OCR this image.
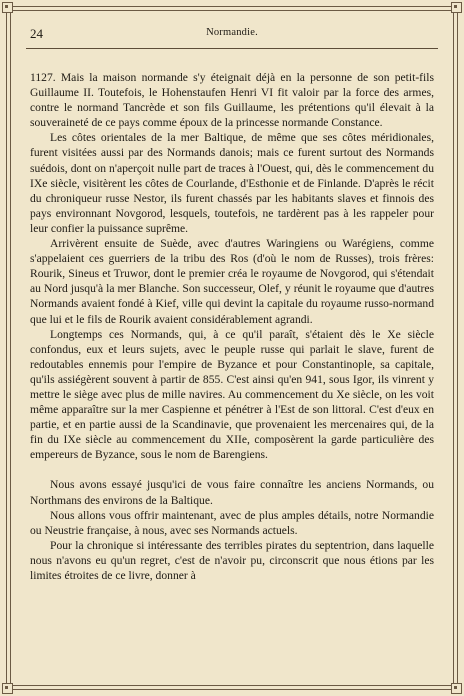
24	Normandie.

1127. Mais la maison normande s'y éteignait déjà en la personne de son petit-fils Guillaume II. Toutefois, le Hohenstaufen Henri VI fit valoir par la force des armes, contre le normand Tancrède et son fils Guillaume, les prétentions qu'il élevait à la souveraineté de ce pays comme époux de la princesse normande Constance.

Les côtes orientales de la mer Baltique, de même que ses côtes méridionales, furent visitées aussi par des Normands danois; mais ce furent surtout des Normands suédois, dont on n'aperçoit nulle part de traces à l'Ouest, qui, dès le commencement du IXe siècle, visitèrent les côtes de Courlande, d'Esthonie et de Finlande. D'après le récit du chroniqueur russe Nestor, ils furent chassés par les habitants slaves et finnois des pays environnant Novgorod, lesquels, toutefois, ne tardèrent pas à les rappeler pour leur confier la puissance suprême.

Arrivèrent ensuite de Suède, avec d'autres Waringiens ou Warégiens, comme s'appelaient ces guerriers de la tribu des Ros (d'où le nom de Russes), trois frères: Rourik, Sineus et Truwor, dont le premier créa le royaume de Novgorod, qui s'étendait au Nord jusqu'à la mer Blanche. Son successeur, Olef, y réunit le royaume que d'autres Normands avaient fondé à Kief, ville qui devint la capitale du royaume russo-normand que lui et le fils de Rourik avaient considérablement agrandi.

Longtemps ces Normands, qui, à ce qu'il paraît, s'étaient dès le Xe siècle confondus, eux et leurs sujets, avec le peuple russe qui parlait le slave, furent de redoutables ennemis pour l'empire de Byzance et pour Constantinople, sa capitale, qu'ils assiégèrent souvent à partir de 855. C'est ainsi qu'en 941, sous Igor, ils vinrent y mettre le siège avec plus de mille navires. Au commencement du Xe siècle, on les voit même apparaître sur la mer Caspienne et pénétrer à l'Est de son littoral. C'est d'eux en partie, et en partie aussi de la Scandinavie, que provenaient les mercenaires qui, de la fin du IXe siècle au commencement du XIIe, composèrent la garde particulière des empereurs de Byzance, sous le nom de Barengiens.

Nous avons essayé jusqu'ici de vous faire connaître les anciens Normands, ou Northmans des environs de la Baltique.

Nous allons vous offrir maintenant, avec de plus amples détails, notre Normandie ou Neustrie française, à nous, avec ses Normands actuels.

Pour la chronique si intéressante des terribles pirates du septentrion, dans laquelle nous n'avons eu qu'un regret, c'est de n'avoir pu, circonscrit que nous étions par les limites étroites de ce livre, donner à
